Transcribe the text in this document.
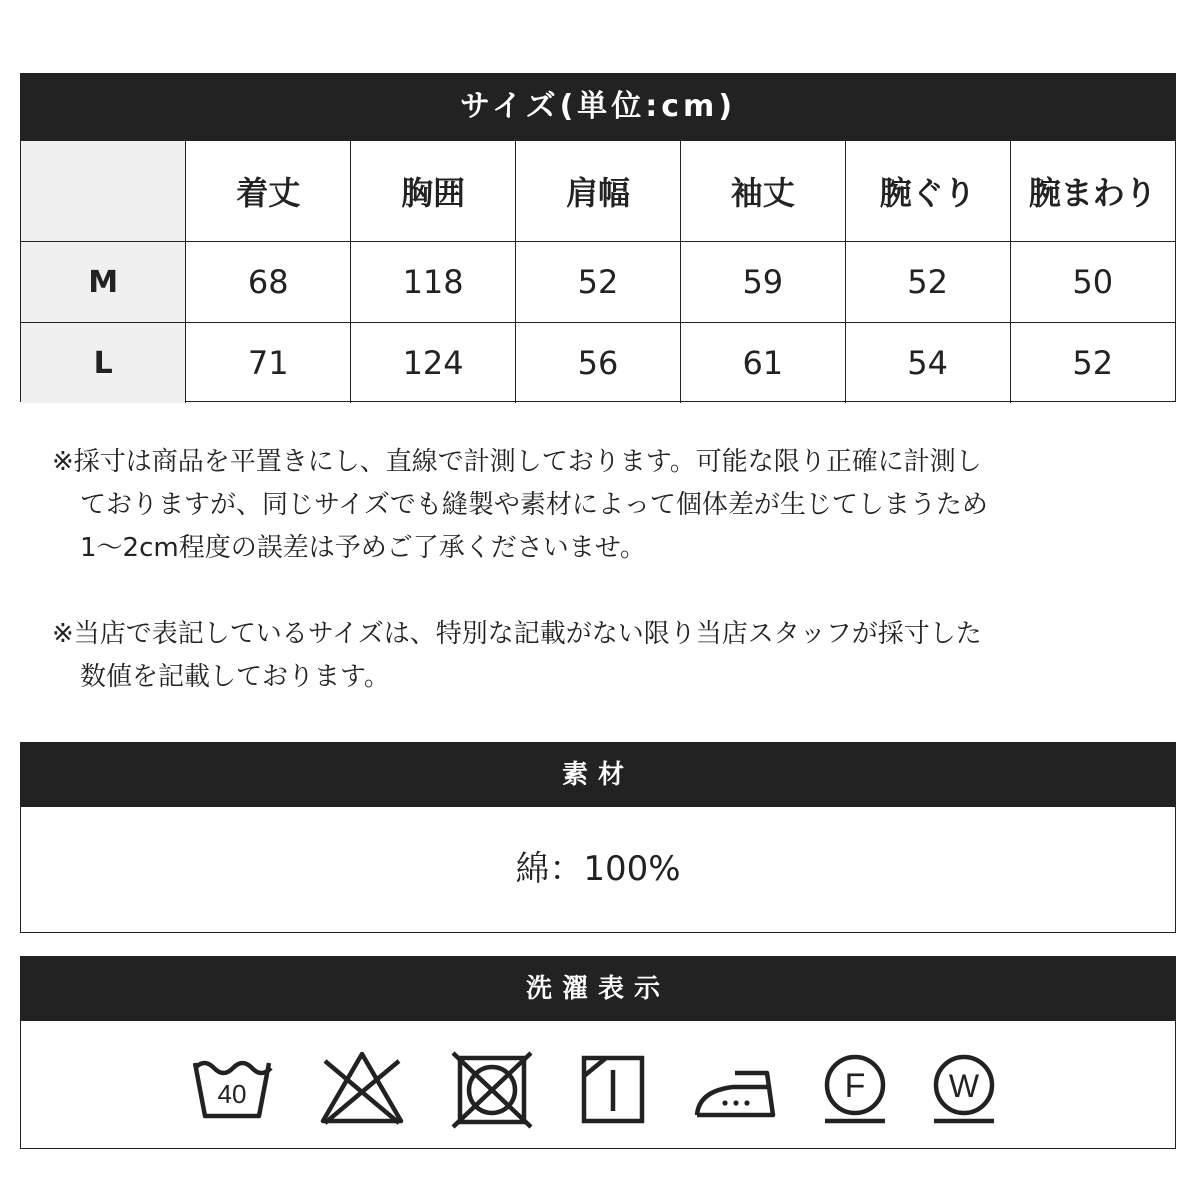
サイズ(単位:cm)
	着丈	胸囲	肩幅	袖丈	腕ぐり	腕まわり
M	68	118	52	59	52	50
L	71	124	56	61	54	52

※採寸は商品を平置きにし、直線で計測しております。可能な限り正確に計測し

ておりますが、同じサイズでも縫製や素材によって個体差が生じてしまうため

1～2cm程度の誤差は予めご了承くださいませ。

※当店で表記しているサイズは、特別な記載がない限り当店スタッフが採寸した

数値を記載しております。

素材
綿：100%
洗濯表示
40	F	W
